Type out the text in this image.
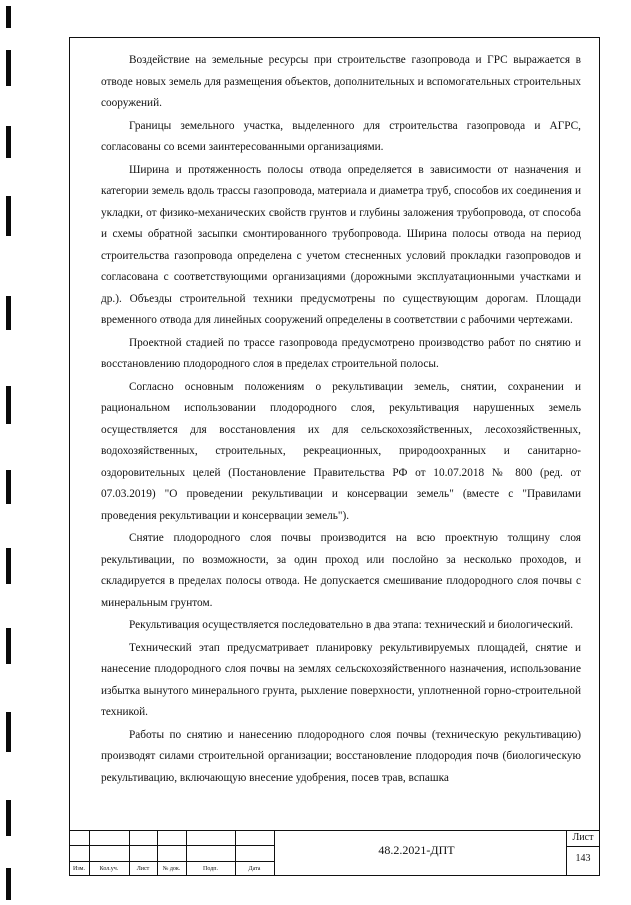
Воздействие на земельные ресурсы при строительстве газопровода и ГРС выражается в отводе новых земель для размещения объектов, дополнительных и вспомогательных строительных сооружений.

Границы земельного участка, выделенного для строительства газопровода и АГРС, согласованы со всеми заинтересованными организациями.

Ширина и протяженность полосы отвода определяется в зависимости от назначения и категории земель вдоль трассы газопровода, материала и диаметра труб, способов их соединения и укладки, от физико-механических свойств грунтов и глубины заложения трубопровода, от способа и схемы обратной засыпки смонтированного трубопровода. Ширина полосы отвода на период строительства газопровода определена с учетом стесненных условий прокладки газопроводов и согласована с соответствующими организациями (дорожными эксплуатационными участками и др.). Объезды строительной техники предусмотрены по существующим дорогам. Площади временного отвода для линейных сооружений определены в соответствии с рабочими чертежами.

Проектной стадией по трассе газопровода предусмотрено производство работ по снятию и восстановлению плодородного слоя в пределах строительной полосы.

Согласно основным положениям о рекультивации земель, снятии, сохранении и рациональном использовании плодородного слоя, рекультивация нарушенных земель осуществляется для восстановления их для сельскохозяйственных, лесохозяйственных, водохозяйственных, строительных, рекреационных, природоохранных и санитарно-оздоровительных целей (Постановление Правительства РФ от 10.07.2018 № 800 (ред. от 07.03.2019) "О проведении рекультивации и консервации земель" (вместе с "Правилами проведения рекультивации и консервации земель").

Снятие плодородного слоя почвы производится на всю проектную толщину слоя рекультивации, по возможности, за один проход или послойно за несколько проходов, и складируется в пределах полосы отвода. Не допускается смешивание плодородного слоя почвы с минеральным грунтом.

Рекультивация осуществляется последовательно в два этапа: технический и биологический.

Технический этап предусматривает планировку рекультивируемых площадей, снятие и нанесение плодородного слоя почвы на землях сельскохозяйственного назначения, использование избытка вынутого минерального грунта, рыхление поверхности, уплотненной горно-строительной техникой.

Работы по снятию и нанесению плодородного слоя почвы (техническую рекультивацию) производят силами строительной организации; восстановление плодородия почв (биологическую рекультивацию, включающую внесение удобрения, посев трав, вспашка

Изм.	Кол.уч.	Лист	№ док.	Подп.	Дата
48.2.2021-ДПТ
Лист
143
